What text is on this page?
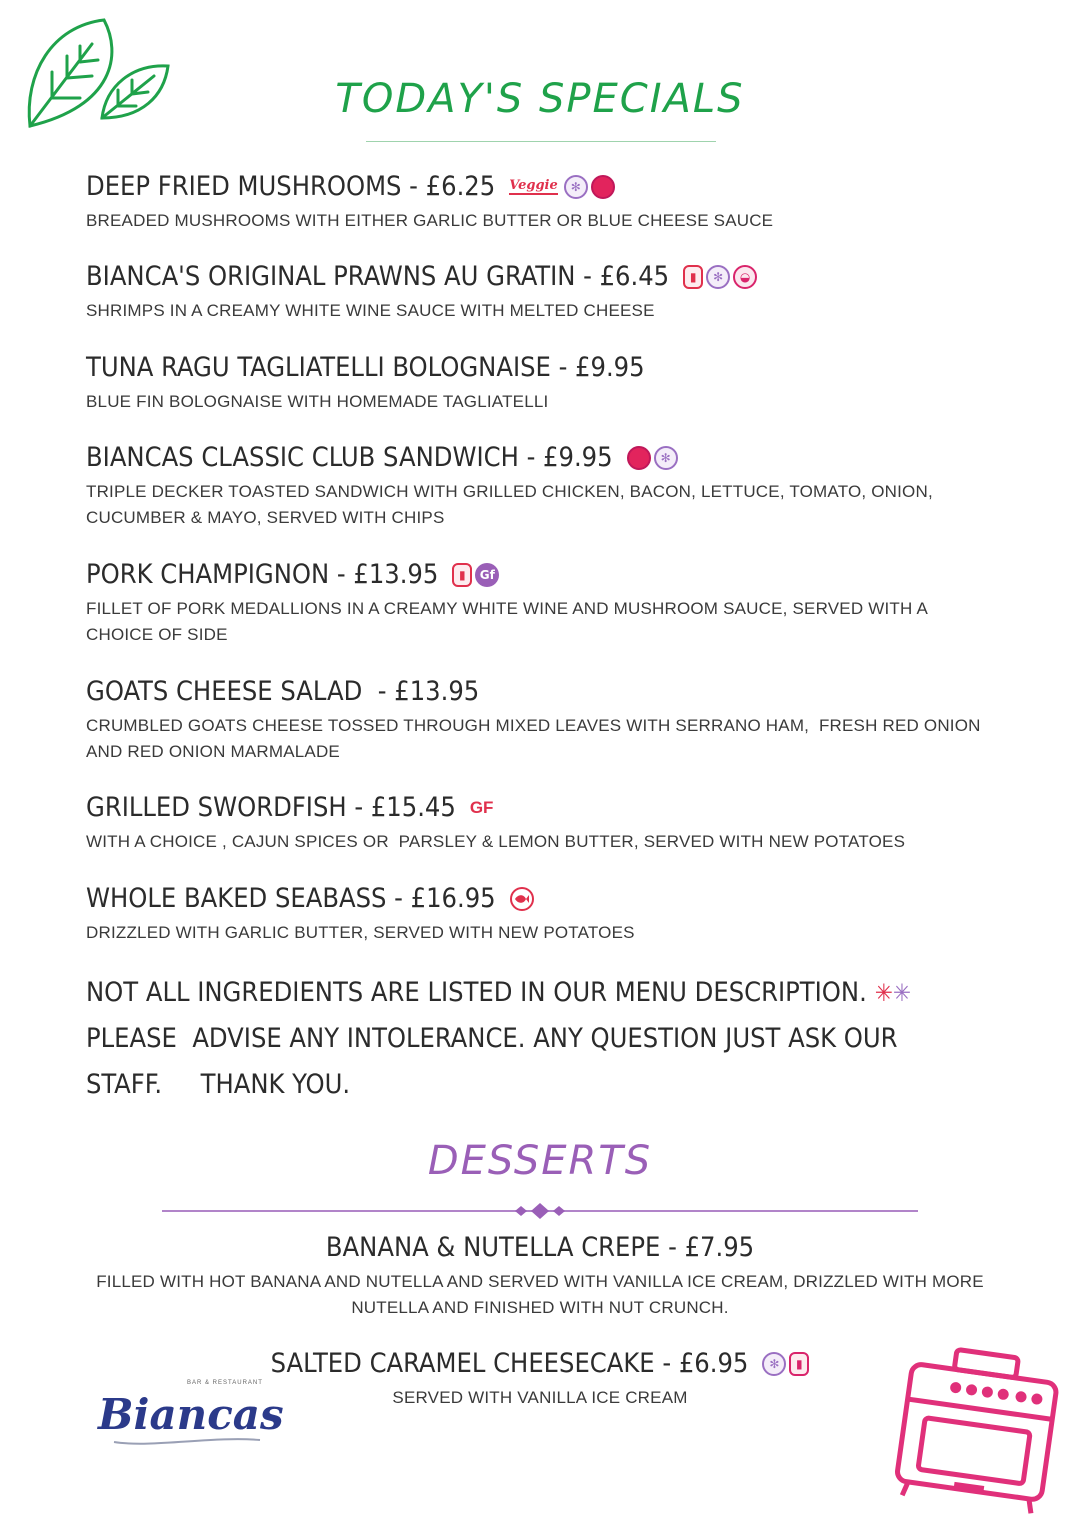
TODAY'S SPECIALS
DEEP FRIED MUSHROOMS - £6.25 Veggie	✻
BREADED MUSHROOMS WITH EITHER GARLIC BUTTER OR BLUE CHEESE SAUCE
BIANCA'S ORIGINAL PRAWNS AU GRATIN - £6.45	▮	✻	◒
SHRIMPS IN A CREAMY WHITE WINE SAUCE WITH MELTED CHEESE
TUNA RAGU TAGLIATELLI BOLOGNAISE - £9.95
BLUE FIN BOLOGNAISE WITH HOMEMADE TAGLIATELLI
BIANCAS CLASSIC CLUB SANDWICH - £9.95	✻
TRIPLE DECKER TOASTED SANDWICH WITH GRILLED CHICKEN, BACON, LETTUCE, TOMATO, ONION, CUCUMBER & MAYO, SERVED WITH CHIPS
PORK CHAMPIGNON - £13.95	▮	Gf
FILLET OF PORK MEDALLIONS IN A CREAMY WHITE WINE AND MUSHROOM SAUCE, SERVED WITH A CHOICE OF SIDE
GOATS CHEESE SALAD  - £13.95
CRUMBLED GOATS CHEESE TOSSED THROUGH MIXED LEAVES WITH SERRANO HAM,  FRESH RED ONION AND RED ONION MARMALADE
GRILLED SWORDFISH - £15.45 GF
WITH A CHOICE , CAJUN SPICES OR  PARSLEY & LEMON BUTTER, SERVED WITH NEW POTATOES
WHOLE BAKED SEABASS - £16.95
DRIZZLED WITH GARLIC BUTTER, SERVED WITH NEW POTATOES
NOT ALL INGREDIENTS ARE LISTED IN OUR MENU DESCRIPTION. ✳✳
PLEASE  ADVISE ANY INTOLERANCE. ANY QUESTION JUST ASK OUR
STAFF.     THANK YOU.
DESSERTS
BANANA & NUTELLA CREPE - £7.95
FILLED WITH HOT BANANA AND NUTELLA AND SERVED WITH VANILLA ICE CREAM, DRIZZLED WITH MORE NUTELLA AND FINISHED WITH NUT CRUNCH.
SALTED CARAMEL CHEESECAKE - £6.95	✻	▮
SERVED WITH VANILLA ICE CREAM
BAR & RESTAURANT
Biancas
